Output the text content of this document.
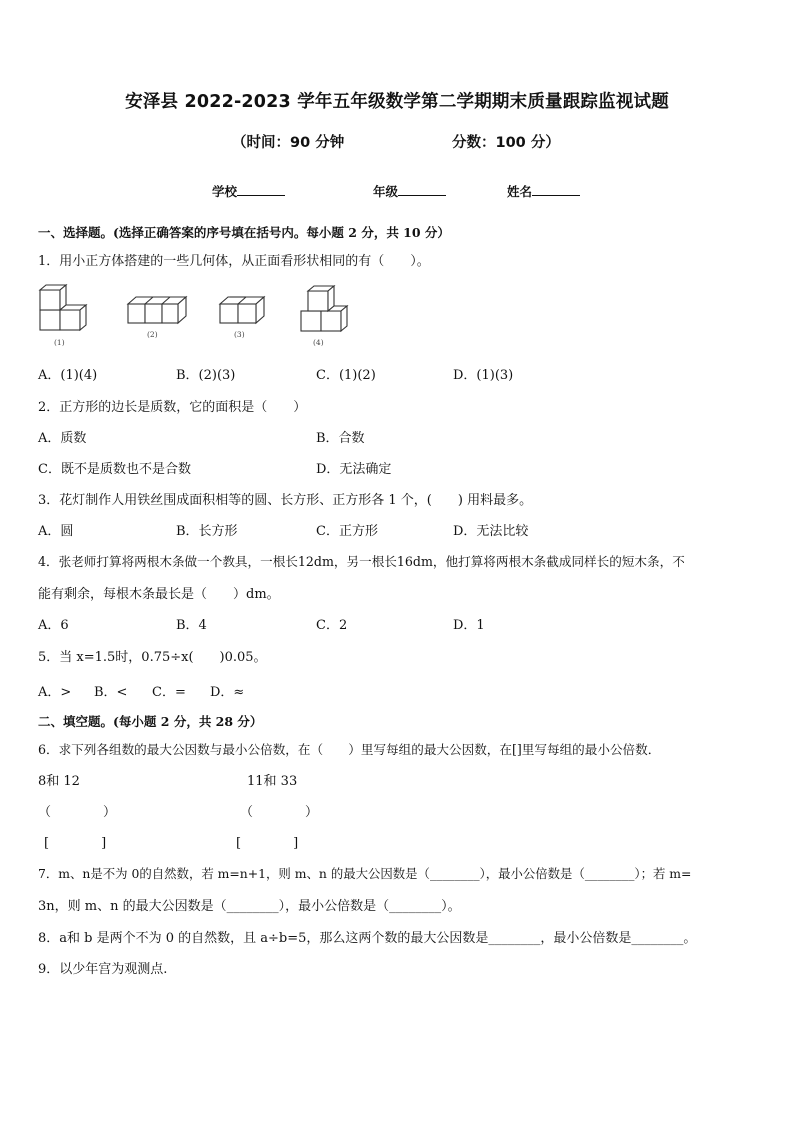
安泽县 2022-2023 学年五年级数学第二学期期末质量跟踪监视试题
（时间：90 分钟	分数：100 分）
学校	年级	姓名
一、选择题。(选择正确答案的序号填在括号内。每小题 2 分，共 10 分）
1．用小正方体搭建的一些几何体，从正面看形状相同的有（　　）。
(1)
(2)	(3)
(4)
A．(1)(4)	B．(2)(3)	C．(1)(2)	D．(1)(3)
2．正方形的边长是质数，它的面积是（　　）
A．质数	B．合数
C．既不是质数也不是合数	D．无法确定
3．花灯制作人用铁丝围成面积相等的圆、长方形、正方形各 1 个，(　　) 用料最多。
A．圆	B．长方形	C．正方形	D．无法比较
4．张老师打算将两根木条做一个教具，一根长12dm，另一根长16dm，他打算将两根木条截成同样长的短木条，不
能有剩余，每根木条最长是（　　）dm。
A．6	B．4	C．2	D．1
5．当 x=1.5时，0.75÷x(　　)0.05。
A．> B．< C．= D．≈
二、填空题。(每小题 2 分，共 28 分）
6．求下列各组数的最大公因数与最小公倍数，在（　　）里写每组的最大公因数，在[]里写每组的最小公倍数．
8和 12	11和 33
（　　　　）	（　　　　）
[　　　　]	[　　　　]
7．m、n是不为 0的自然数，若 m=n+1，则 m、n 的最大公因数是（________），最小公倍数是（________）；若 m=
3n，则 m、n 的最大公因数是（________），最小公倍数是（________）。
8．a和 b 是两个不为 0 的自然数，且 a÷b=5，那么这两个数的最大公因数是________，最小公倍数是________。
9．以少年宫为观测点.
